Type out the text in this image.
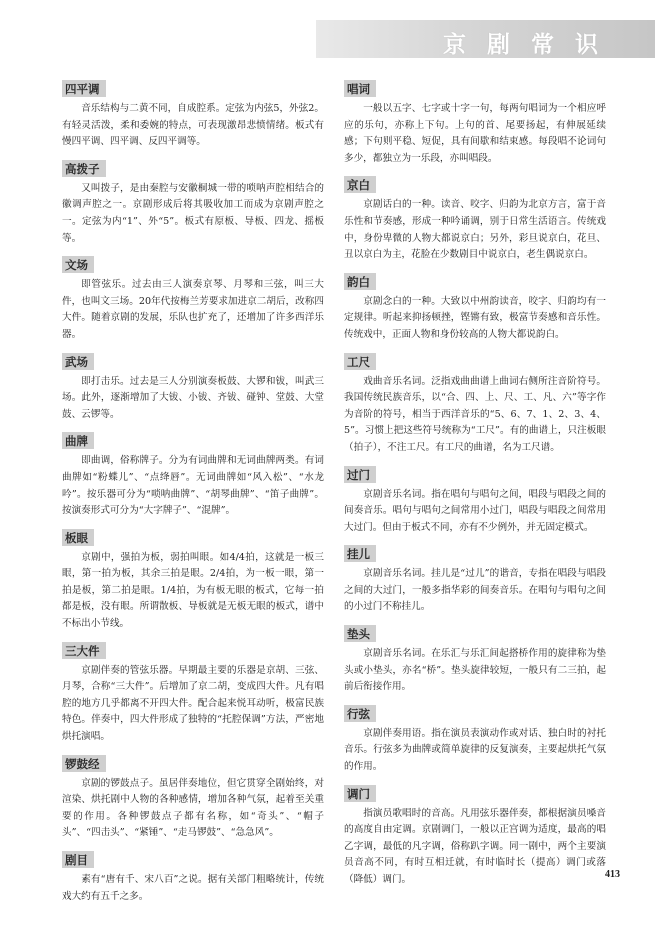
京剧常识
四平调

音乐结构与二黄不同，自成腔系。定弦为内弦5，外弦2。有轻灵活泼，柔和委婉的特点，可表现激昂悲愤情绪。板式有慢四平调、四平调、反四平调等。

高拨子

又叫拨子，是由秦腔与安徽桐城一带的唢呐声腔相结合的徽调声腔之一。京剧形成后将其吸收加工而成为京剧声腔之一。定弦为内“1”、外“5”。板式有原板、导板、四龙、摇板等。

文场

即管弦乐。过去由三人演奏京琴、月琴和三弦，叫三大件，也叫文三场。20年代按梅兰芳要求加进京二胡后，改称四大件。随着京剧的发展，乐队也扩充了，还增加了许多西洋乐器。

武场

即打击乐。过去是三人分别演奏板鼓、大锣和钹，叫武三场。此外，逐渐增加了大钹、小钹、齐钹、碰钟、堂鼓、大堂鼓、云锣等。

曲牌

即曲调，俗称牌子。分为有词曲牌和无词曲牌两类。有词曲牌如“粉蝶儿”、“点绛唇”。无词曲牌如“风入松”、“水龙吟”。按乐器可分为“唢呐曲牌”、“胡琴曲牌”、“笛子曲牌”。按演奏形式可分为“大字牌子”、“混牌”。

板眼

京剧中，强拍为板，弱拍叫眼。如4/4拍，这就是一板三眼，第一拍为板，其余三拍是眼。2/4拍，为一板一眼，第一拍是板，第二拍是眼。1/4拍，为有板无眼的板式，它每一拍都是板，没有眼。所谓散板、导板就是无板无眼的板式，谱中不标出小节线。

三大件

京剧伴奏的管弦乐器。早期最主要的乐器是京胡、三弦、月琴，合称“三大件”。后增加了京二胡，变成四大件。凡有唱腔的地方几乎都离不开四大件。配合起来悦耳动听，极富民族特色。伴奏中，四大件形成了独特的“托腔保调”方法，严密地烘托演唱。

锣鼓经

京剧的锣鼓点子。虽居伴奏地位，但它贯穿全剧始终，对渲染、烘托剧中人物的各种感情，增加各种气氛，起着至关重要的作用。各种锣鼓点子都有名称，如“奇头”、“帽子头”、“四击头”、“紧锤”、“走马锣鼓”、“急急风”。

剧目

素有“唐有千、宋八百”之说。据有关部门粗略统计，传统戏大约有五千之多。

唱词

一般以五字、七字或十字一句，每两句唱词为一个相应呼应的乐句，亦称上下句。上句的首、尾要扬起，有伸展延续感；下句则平稳、短促，具有间歇和结束感。每段唱不论词句多少，都独立为一乐段，亦叫唱段。

京白

京剧话白的一种。读音、咬字、归韵为北京方言，富于音乐性和节奏感，形成一种吟诵调，别于日常生活语言。传统戏中，身份卑微的人物大都说京白；另外，彩旦说京白，花旦、丑以京白为主，花脸在少数剧目中说京白，老生偶说京白。

韵白

京剧念白的一种。大致以中州韵读音，咬字、归韵均有一定规律。听起来抑扬顿挫，铿锵有致，极富节奏感和音乐性。传统戏中，正面人物和身份较高的人物大都说韵白。

工尺

戏曲音乐名词。泛指戏曲曲谱上曲词右侧所注音阶符号。我国传统民族音乐，以“合、四、上、尺、工、凡、六”等字作为音阶的符号，相当于西洋音乐的“5、6、7、1、2、3、4、5”。习惯上把这些符号统称为“工尺”。有的曲谱上，只注板眼（拍子），不注工尺。有工尺的曲谱，名为工尺谱。

过门

京剧音乐名词。指在唱句与唱句之间，唱段与唱段之间的间奏音乐。唱句与唱句之间常用小过门，唱段与唱段之间常用大过门。但由于板式不同，亦有不少例外，并无固定模式。

挂儿

京剧音乐名词。挂儿是“过儿”的谐音，专指在唱段与唱段之间的大过门，一般多指华彩的间奏音乐。在唱句与唱句之间的小过门不称挂儿。

垫头

京剧音乐名词。在乐汇与乐汇间起搭桥作用的旋律称为垫头或小垫头，亦名“桥”。垫头旋律较短，一般只有二三拍，起前后衔接作用。

行弦

京剧伴奏用语。指在演员表演动作或对话、独白时的衬托音乐。行弦多为曲牌或简单旋律的反复演奏，主要起烘托气氛的作用。

调门

指演员歌唱时的音高。凡用弦乐器伴奏，都根据演员嗓音的高度自由定调。京剧调门，一般以正宫调为适度，最高的唱乙字调，最低的凡字调，俗称趴字调。同一剧中，两个主要演员音高不同，有时互相迁就，有时临时长（提高）调门或落（降低）调门。	413
